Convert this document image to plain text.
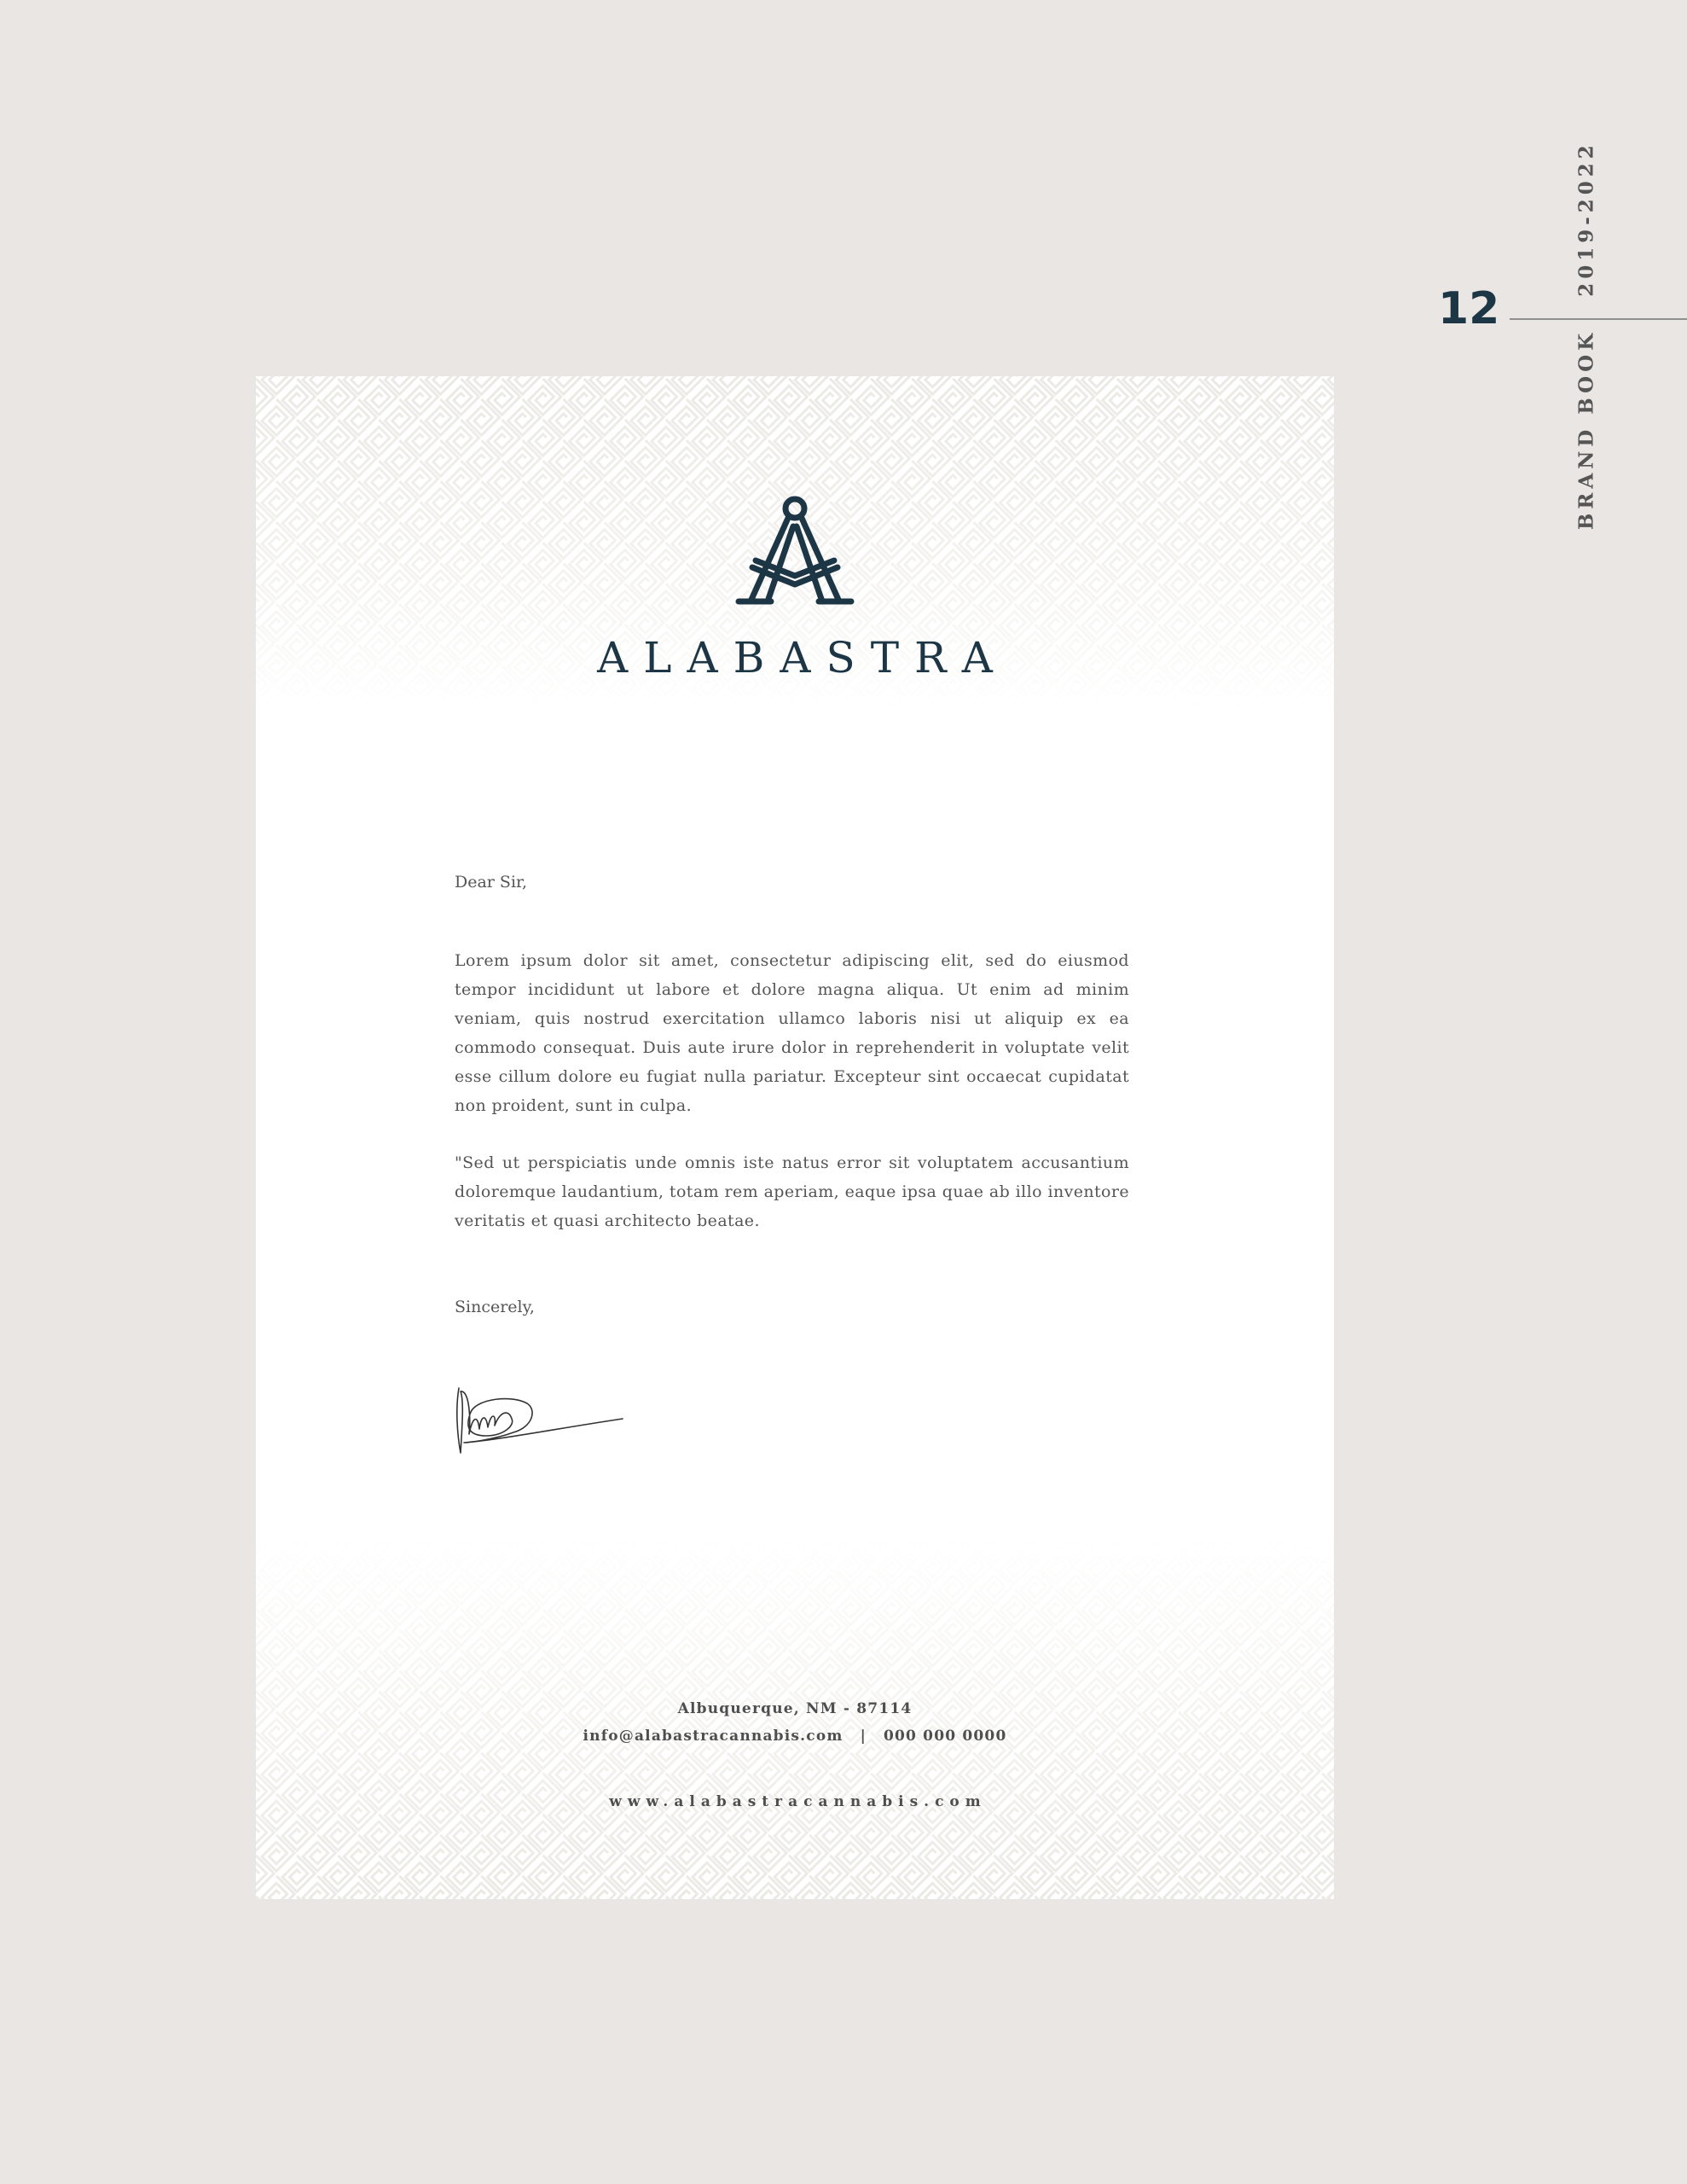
12
2019-2022
BRAND BOOK
ALABASTRA
Dear Sir,

Lorem ipsum dolor sit amet, consectetur adipiscing elit, sed do eiusmod tempor incididunt ut labore et dolore magna aliqua. Ut enim ad minim veniam, quis nostrud exercitation ullamco laboris nisi ut aliquip ex ea commodo consequat. Duis aute irure dolor in reprehenderit in voluptate velit esse cillum dolore eu fugiat nulla pariatur. Excepteur sint occaecat cupidatat non proident, sunt in culpa.

"Sed ut perspiciatis unde omnis iste natus error sit voluptatem accusantium doloremque laudantium, totam rem aperiam, eaque ipsa quae ab illo inventore veritatis et quasi architecto beatae.

Sincerely,
Albuquerque, NM - 87114
info@alabastracannabis.com | 000 000 0000
www.alabastracannabis.com
